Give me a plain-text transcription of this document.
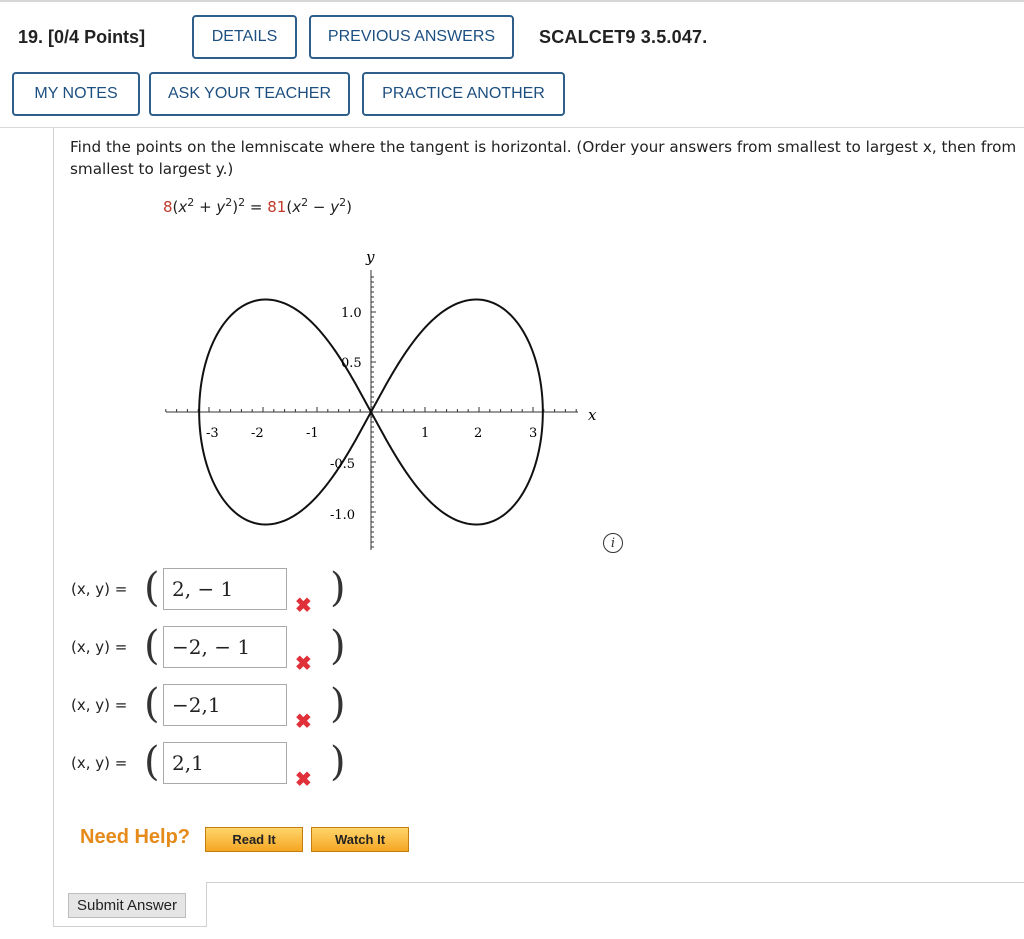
19. [0/4 Points]	DETAILS	PREVIOUS ANSWERS	SCALCET9 3.5.047.
MY NOTES	ASK YOUR TEACHER	PRACTICE ANOTHER
Find the points on the lemniscate where the tangent is horizontal. (Order your answers from smallest to largest x, then from smallest to largest y.)
$8(x^2 + y^2)^2 = 81(x^2 - y^2)$
x
y
-3 -2	-1	1	2	3
1.0
0.5
-0.5
-1.0
i
(x, y) = ( 2, − 1
✖ )
(x, y) = ( −2, − 1
✖ )
(x, y) = ( −2,1
✖ )
(x, y) = ( 2,1
✖ )
Need Help?	Read It	Watch It
Submit Answer
